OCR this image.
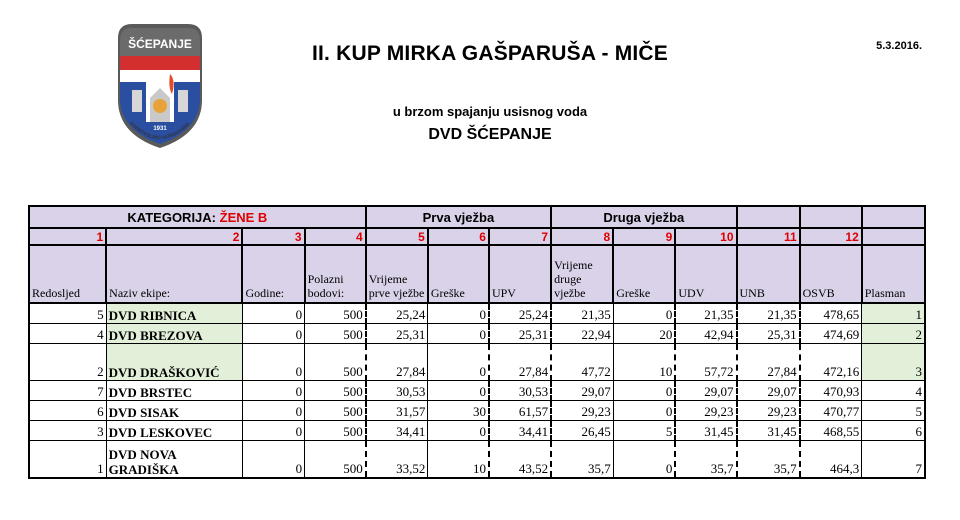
ŠĆEPANJE
1931
DOBROVOLJNO VATROGASNO
II. KUP MIRKA GAŠPARUŠA - MIČE	5.3.2016.
u brzom spajanju usisnog voda
DVD ŠĆEPANJE
KATEGORIJA: ŽENE B				Prva vježba			Druga vježba					
1	2	3	4	5	6	7	8	9	10	11	12	
Redosljed	Naziv ekipe:	Godine:	Polazni bodovi:	Vrijeme prve vježbe	Greške	UPV	Vrijeme druge vježbe	Greške	UDV	UNB	OSVB	Plasman
5	DVD RIBNICA	0	500	25,24	0	25,24	21,35	0	21,35	21,35	478,65	1
4	DVD BREZOVA	0	500	25,31	0	25,31	22,94	20	42,94	25,31	474,69	2
2	DVD DRAŠKOVIĆ	0	500	27,84	0	27,84	47,72	10	57,72	27,84	472,16	3
7	DVD BRSTEC	0	500	30,53	0	30,53	29,07	0	29,07	29,07	470,93	4
6	DVD SISAK	0	500	31,57	30	61,57	29,23	0	29,23	29,23	470,77	5
3	DVD LESKOVEC	0	500	34,41	0	34,41	26,45	5	31,45	31,45	468,55	6
1	DVD NOVA GRADIŠKA	0	500	33,52	10	43,52	35,7	0	35,7	35,7	464,3	7
